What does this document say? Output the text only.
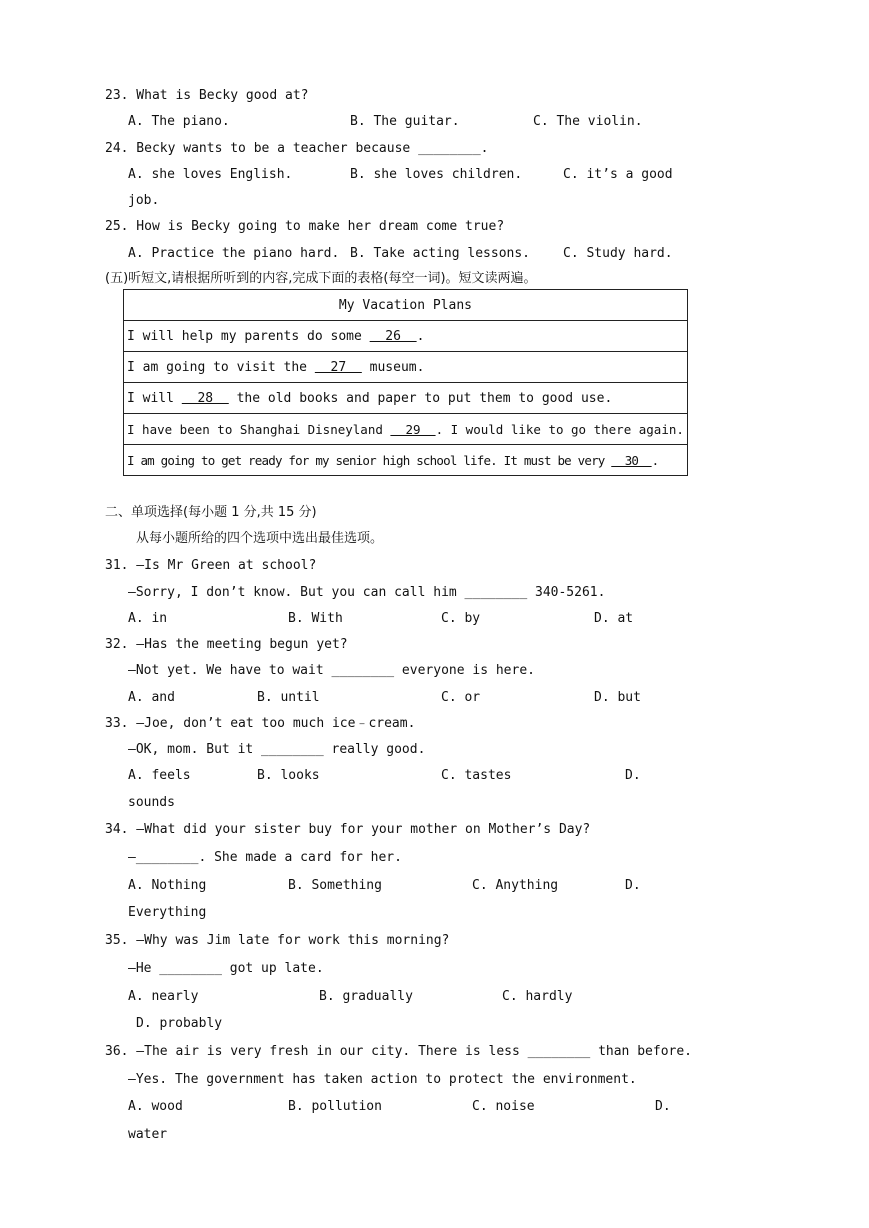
23. What is Becky good at?
A. The piano.	B. The guitar.	C. The violin.
24. Becky wants to be a teacher because ________.
A. she loves English.	B. she loves children.	C. it’s a good
job.
25. How is Becky going to make her dream come true?
A. Practice the piano hard. B. Take acting lessons.	C. Study hard.
(五)听短文,请根据所听到的内容,完成下面的表格(每空一词)。短文读两遍。
My Vacation Plans
I will help my parents do some   26  .
I am going to visit the   27   museum.
I will   28   the old books and paper to put them to good use.
I have been to Shanghai Disneyland   29  . I would like to go there again.
I am going to get ready for my senior high school life. It must be very   30  .
二、单项选择(每小题 1 分,共 15 分)
从每小题所给的四个选项中选出最佳选项。
31. —Is Mr Green at school?
—Sorry, I don’t know. But you can call him ________ 340-5261.
A. in	B. With	C. by	D. at
32. —Has the meeting begun yet?
—Not yet. We have to wait ________ everyone is here.
A. and	B. until	C. or	D. but
33. —Joe, don’t eat too much ice﹣cream.
—OK, mom. But it ________ really good.
A. feels	B. looks	C. tastes	D.
sounds
34. —What did your sister buy for your mother on Mother’s Day?
—________. She made a card for her.
A. Nothing	B. Something	C. Anything	D.
Everything
35. —Why was Jim late for work this morning?
—He ________ got up late.
A. nearly	B. gradually	C. hardly
D. probably
36. —The air is very fresh in our city. There is less ________ than before.
—Yes. The government has taken action to protect the environment.
A. wood	B. pollution	C. noise	D.
water
